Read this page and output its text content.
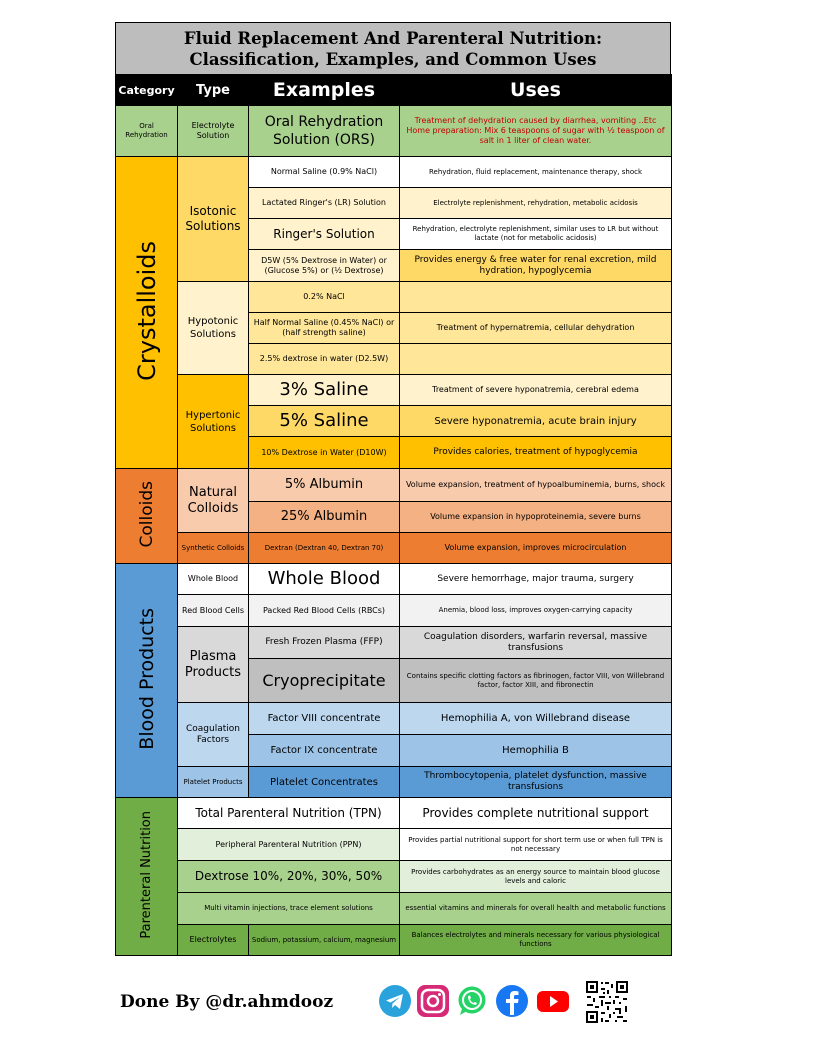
Fluid Replacement And Parenteral Nutrition:
Classification, Examples, and Common Uses
Category	Type	Examples	Uses
Oral Rehydration	Electrolyte Solution	Oral Rehydration Solution (ORS)	Treatment of dehydration caused by diarrhea, vomiting ..Etc
Home preparation: Mix 6 teaspoons of sugar with ½ teaspoon of salt in 1 liter of clean water.

Crystalloids	Isotonic Solutions	Normal Saline (0.9% NaCl)	Rehydration, fluid replacement, maintenance therapy, shock
		Lactated Ringer's (LR) Solution	Electrolyte replenishment, rehydration, metabolic acidosis
		Ringer's Solution	Rehydration, electrolyte replenishment, similar uses to LR but without lactate (not for metabolic acidosis)
		D5W (5% Dextrose in Water) or (Glucose 5%) or (½ Dextrose)	Provides energy & free water for renal excretion, mild hydration, hypoglycemia
	Hypotonic Solutions	0.2% NaCl	
		Half Normal Saline (0.45% NaCl) or (half strength saline)	Treatment of hypernatremia, cellular dehydration
		2.5% dextrose in water (D2.5W)	
	Hypertonic Solutions	3% Saline	Treatment of severe hyponatremia, cerebral edema
		5% Saline	Severe hyponatremia, acute brain injury
		10% Dextrose in Water (D10W)	Provides calories, treatment of hypoglycemia
Colloids	Natural Colloids	5% Albumin	Volume expansion, treatment of hypoalbuminemia, burns, shock
		25% Albumin	Volume expansion in hypoproteinemia, severe burns
	Synthetic Colloids	Dextran (Dextran 40, Dextran 70)	Volume expansion, improves microcirculation
Blood Products	Whole Blood	Whole Blood	Severe hemorrhage, major trauma, surgery
	Red Blood Cells	Packed Red Blood Cells (RBCs)	Anemia, blood loss, improves oxygen-carrying capacity
	Plasma Products	Fresh Frozen Plasma (FFP)	Coagulation disorders, warfarin reversal, massive transfusions
		Cryoprecipitate	Contains specific clotting factors as fibrinogen, factor VIII, von Willebrand factor, factor XIII, and fibronectin
	Coagulation Factors	Factor VIII concentrate	Hemophilia A, von Willebrand disease
		Factor IX concentrate	Hemophilia B
	Platelet Products	Platelet Concentrates	Thrombocytopenia, platelet dysfunction, massive transfusions
Parenteral Nutrition	Total Parenteral Nutrition (TPN)		Provides complete nutritional support
	Peripheral Parenteral Nutrition (PPN)		Provides partial nutritional support for short term use or when full TPN is not necessary
	Dextrose 10%, 20%, 30%, 50%		Provides carbohydrates as an energy source to maintain blood glucose levels and caloric
	Multi vitamin injections, trace element solutions		essential vitamins and minerals for overall health and metabolic functions
	Electrolytes	Sodium, potassium, calcium, magnesium	Balances electrolytes and minerals necessary for various physiological functions
Done By @dr.ahmdooz
